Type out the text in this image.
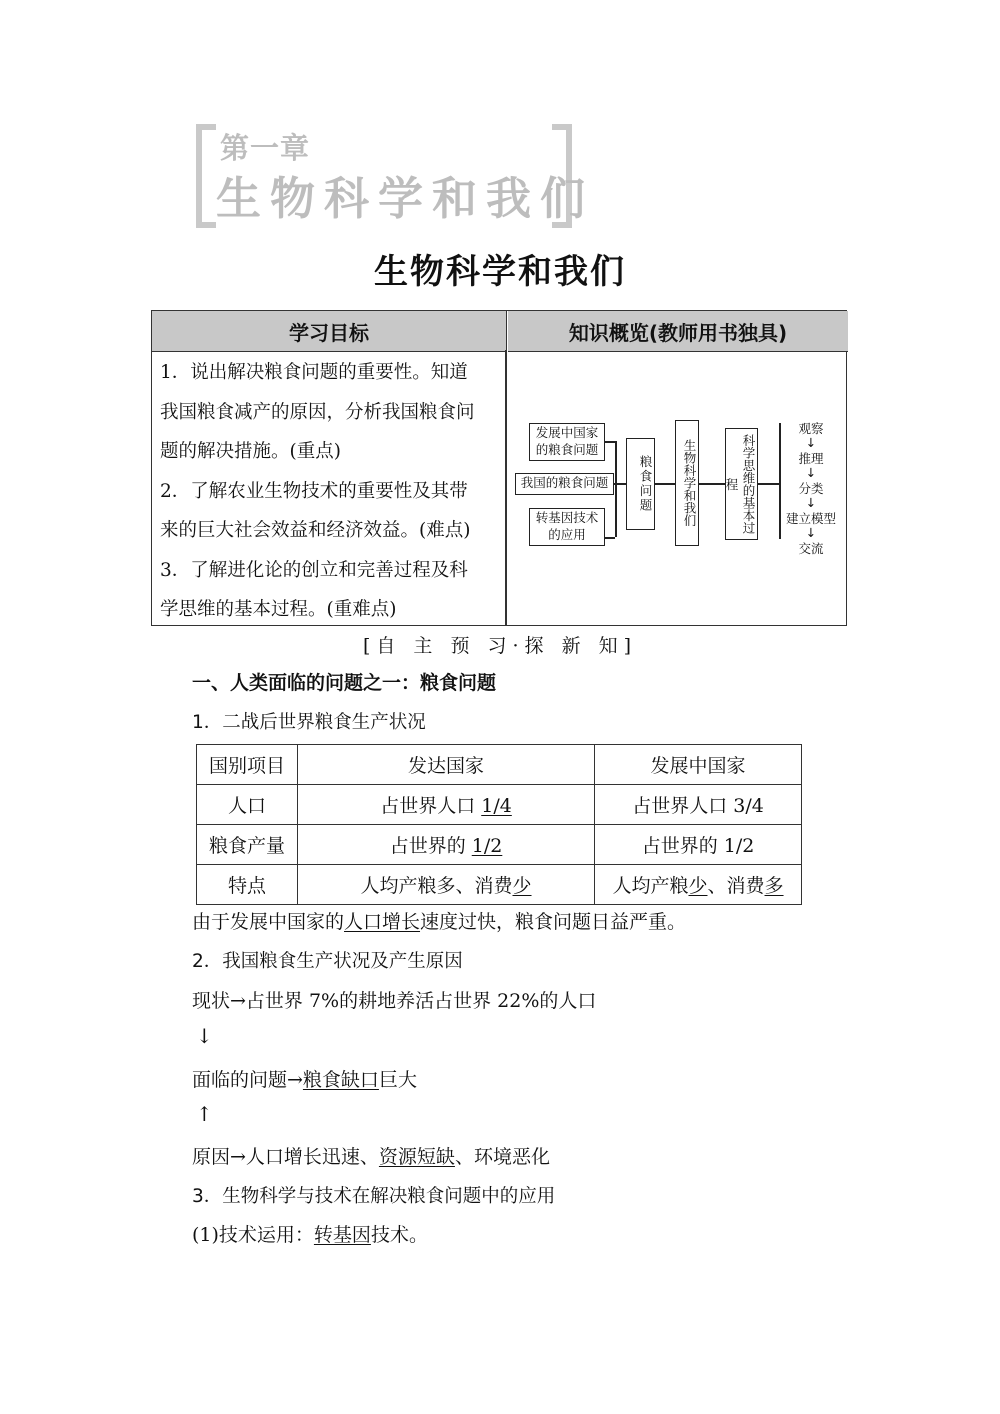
第一章
生物科学和我们
生物科学和我们
学习目标	知识概览(教师用书独具)
1．说出解决粮食问题的重要性。知道
我国粮食减产的原因，分析我国粮食问
题的解决措施。(重点)
2．了解农业生物技术的重要性及其带
来的巨大社会效益和经济效益。(难点)
3．了解进化论的创立和完善过程及科
学思维的基本过程。(重难点)
发展中国家的粮食问题
我国的粮食问题
转基因技术的应用
粮食问题	生物科学和我们	科学思维的基本过程
观察
↓
推理
↓
分类
↓
建立模型
↓
交流
[自 主 预 习·探 新 知]
一、人类面临的问题之一：粮食问题
1．二战后世界粮食生产状况
国别项目	发达国家	发展中国家
人口	占世界人口 1/4	占世界人口 3/4
粮食产量	占世界的 1/2	占世界的 1/2
特点	人均产粮多、消费少	人均产粮少、消费多
由于发展中国家的人口增长速度过快，粮食问题日益严重。
2．我国粮食生产状况及产生原因
现状→占世界 7%的耕地养活占世界 22%的人口
↓
面临的问题→粮食缺口巨大
↑
原因→人口增长迅速、资源短缺、环境恶化
3．生物科学与技术在解决粮食问题中的应用
(1)技术运用：转基因技术。
